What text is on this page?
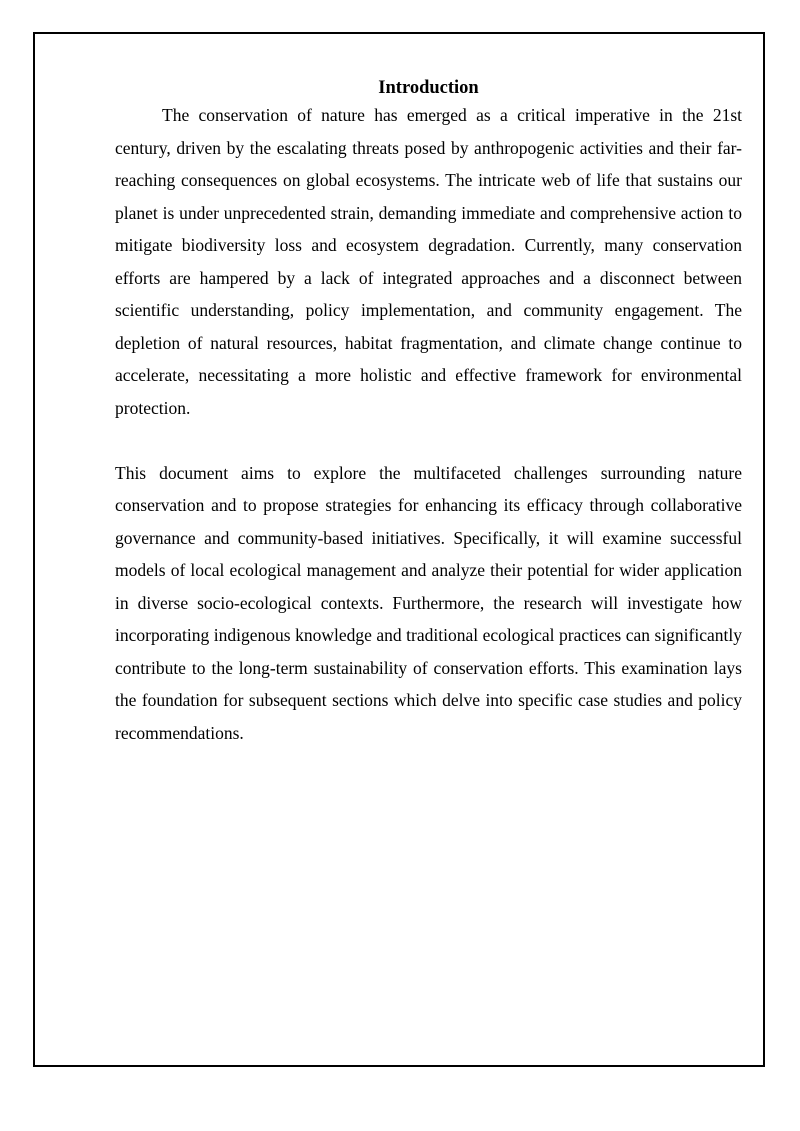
Introduction

The conservation of nature has emerged as a critical imperative in the 21st century, driven by the escalating threats posed by anthropogenic activities and their far-reaching consequences on global ecosystems. The intricate web of life that sustains our planet is under unprecedented strain, demanding immediate and comprehensive action to mitigate biodiversity loss and ecosystem degradation. Currently, many conservation efforts are hampered by a lack of integrated approaches and a disconnect between scientific understanding, policy implementation, and community engagement. The depletion of natural resources, habitat fragmentation, and climate change continue to accelerate, necessitating a more holistic and effective framework for environmental protection.

This document aims to explore the multifaceted challenges surrounding nature conservation and to propose strategies for enhancing its efficacy through collaborative governance and community-based initiatives. Specifically, it will examine successful models of local ecological management and analyze their potential for wider application in diverse socio-ecological contexts. Furthermore, the research will investigate how incorporating indigenous knowledge and traditional ecological practices can significantly contribute to the long-term sustainability of conservation efforts. This examination lays the foundation for subsequent sections which delve into specific case studies and policy recommendations.
